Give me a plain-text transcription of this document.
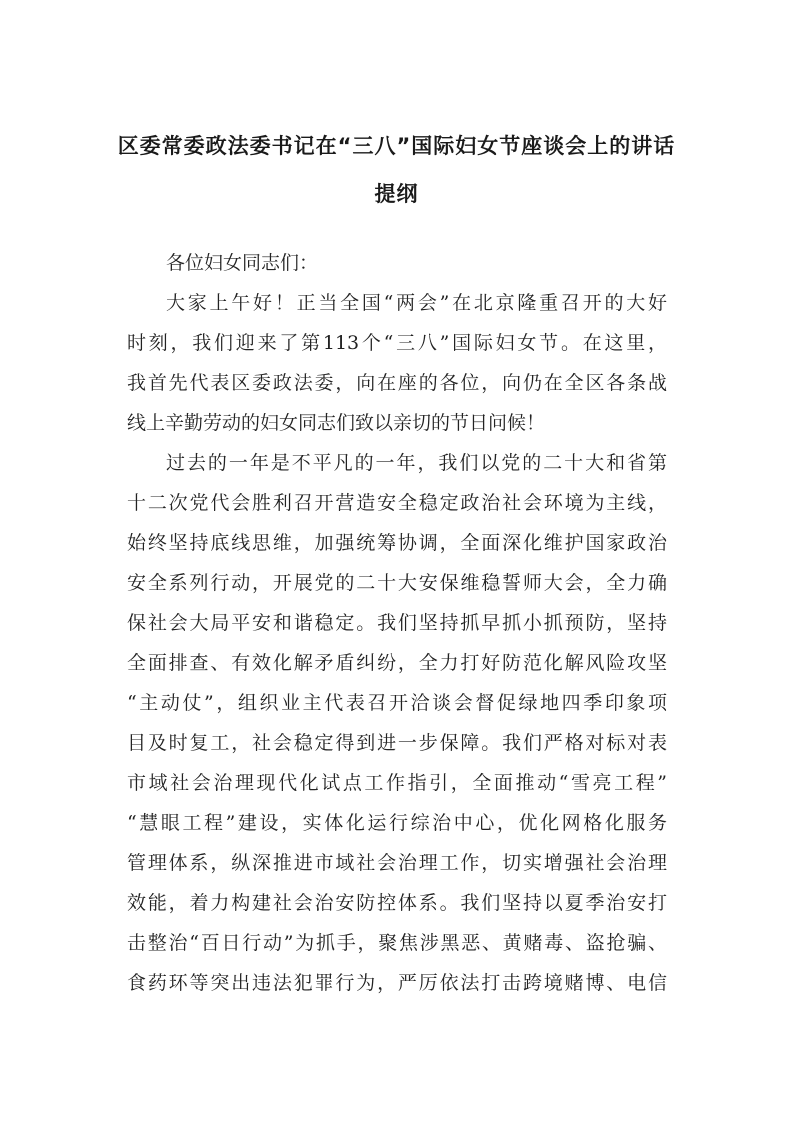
区委常委政法委书记在“三八”国际妇女节座谈会上的讲话
提纲
各位妇女同志们：
大家上午好！正当全国“两会”在北京隆重召开的大好
时刻，我们迎来了第113个“三八”国际妇女节。在这里，
我首先代表区委政法委，向在座的各位，向仍在全区各条战
线上辛勤劳动的妇女同志们致以亲切的节日问候！
过去的一年是不平凡的一年，我们以党的二十大和省第
十二次党代会胜利召开营造安全稳定政治社会环境为主线，
始终坚持底线思维，加强统筹协调，全面深化维护国家政治
安全系列行动，开展党的二十大安保维稳誓师大会，全力确
保社会大局平安和谐稳定。我们坚持抓早抓小抓预防，坚持
全面排查、有效化解矛盾纠纷，全力打好防范化解风险攻坚
“主动仗”，组织业主代表召开洽谈会督促绿地四季印象项
目及时复工，社会稳定得到进一步保障。我们严格对标对表
市域社会治理现代化试点工作指引，全面推动“雪亮工程”
“慧眼工程”建设，实体化运行综治中心，优化网格化服务
管理体系，纵深推进市域社会治理工作，切实增强社会治理
效能，着力构建社会治安防控体系。我们坚持以夏季治安打
击整治“百日行动”为抓手，聚焦涉黑恶、黄赌毒、盗抢骗、
食药环等突出违法犯罪行为，严厉依法打击跨境赌博、电信
